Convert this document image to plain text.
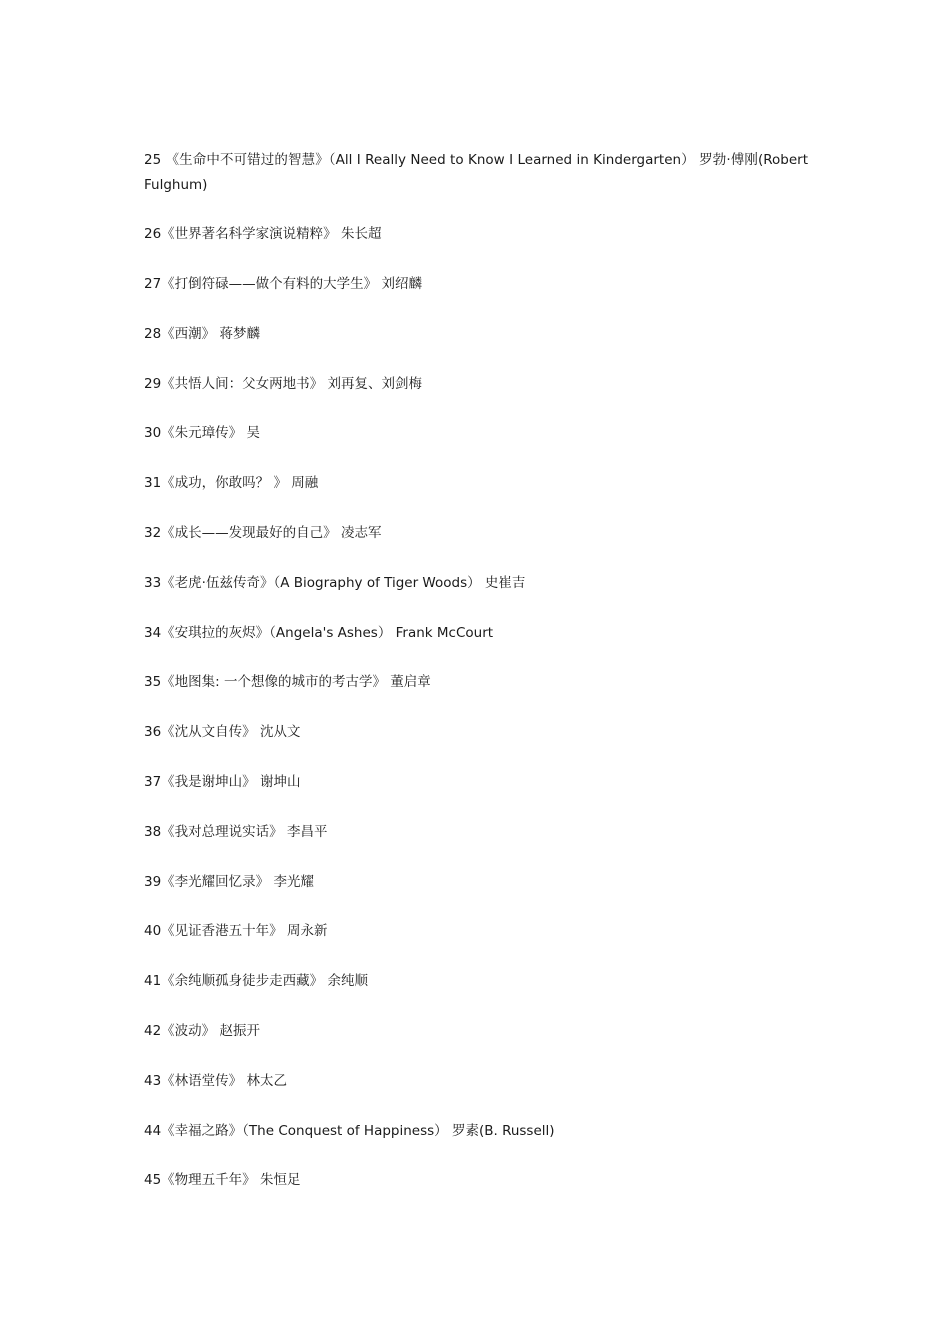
25 《生命中不可错过的智慧》（All I Really Need to Know I Learned in Kindergarten） 罗勃·傅刚(Robert Fulghum)

26《世界著名科学家演说精粹》 朱长超

27《打倒符碌——做个有料的大学生》 刘绍麟

28《西潮》 蒋梦麟

29《共悟人间：父女两地书》 刘再复、刘剑梅

30《朱元璋传》 吴

31《成功，你敢吗？ 》 周融

32《成长——发现最好的自己》 凌志军

33《老虎·伍兹传奇》（A Biography of Tiger Woods） 史崔吉

34《安琪拉的灰烬》（Angela's Ashes） Frank McCourt

35《地图集: 一个想像的城市的考古学》 董启章

36《沈从文自传》 沈从文

37《我是谢坤山》 谢坤山

38《我对总理说实话》 李昌平

39《李光耀回忆录》 李光耀

40《见证香港五十年》 周永新

41《余纯顺孤身徒步走西藏》 余纯顺

42《波动》 赵振开

43《林语堂传》 林太乙

44《幸福之路》（The Conquest of Happiness） 罗素(B. Russell)

45《物理五千年》 朱恒足
